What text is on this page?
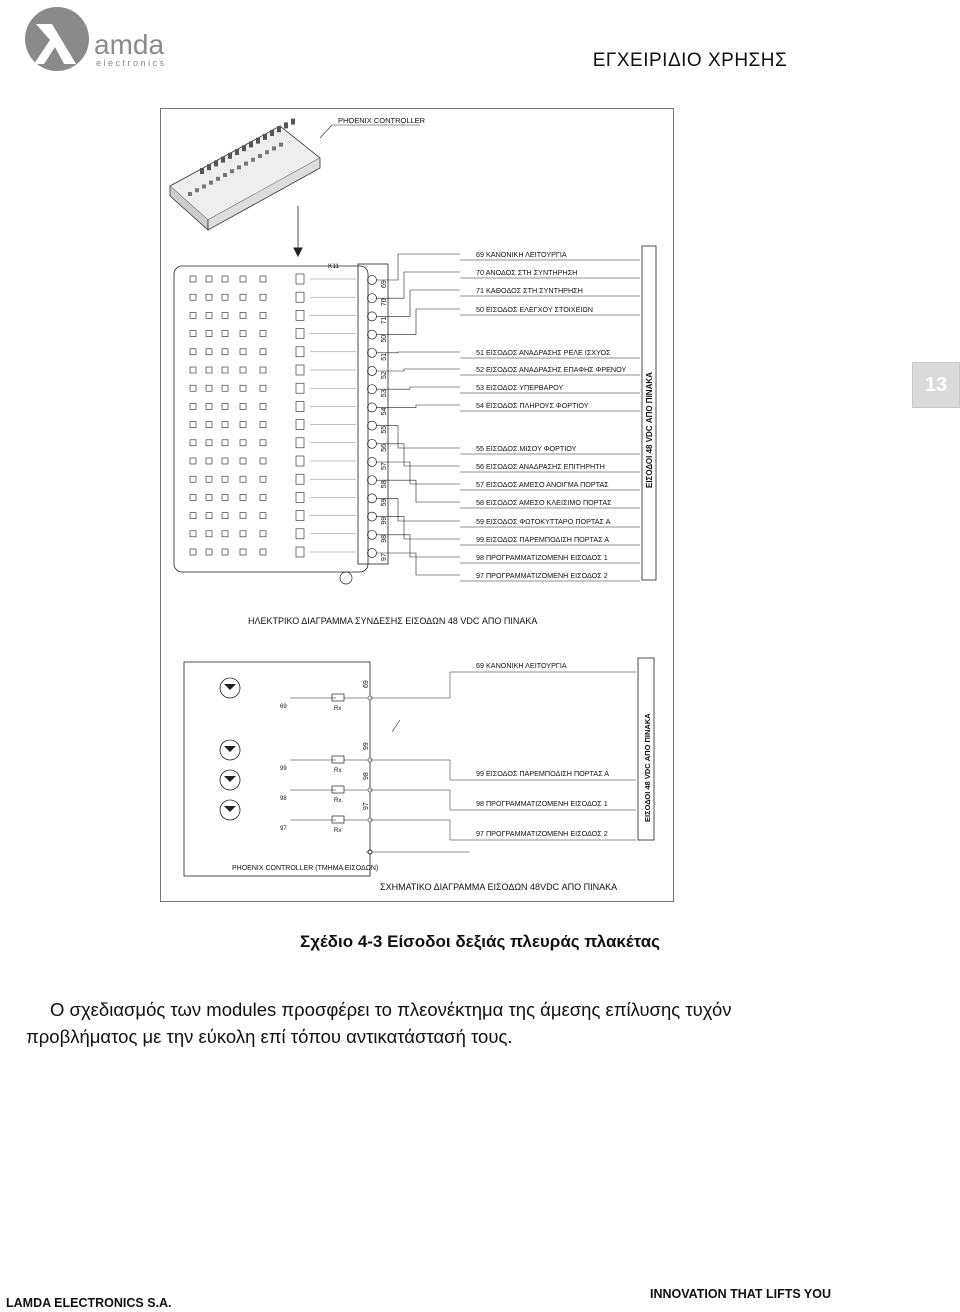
amda
e l e c t r o n i c s	ΕΓΧΕΙΡΙΔΙΟ ΧΡΗΣΗΣ
13
PHOENIX CONTROLLER
K11
69
70
71
50
51
52
53
54
55
56
57
58
59
99
98
97
69 ΚΑΝΟΝΙΚΗ ΛΕΙΤΟΥΡΓΙΑ
70 ΑΝΟΔΟΣ ΣΤΗ ΣΥΝΤΗΡΗΣΗ
71 ΚΑΘΟΔΟΣ ΣΤΗ ΣΥΝΤΗΡΗΣΗ
50 ΕΙΣΟΔΟΣ ΕΛΕΓΧΟΥ ΣΤΟΙΧΕΙΩΝ
51 ΕΙΣΟΔΟΣ ΑΝΑΔΡΑΣΗΣ ΡΕΛΕ ΙΣΧΥΟΣ
52 ΕΙΣΟΔΟΣ ΑΝΑΔΡΑΣΗΣ ΕΠΑΦΗΣ ΦΡΕΝΟΥ
53 ΕΙΣΟΔΟΣ ΥΠΕΡΒΑΡΟΥ
54 ΕΙΣΟΔΟΣ ΠΛΗΡΟΥΣ ΦΟΡΤΙΟΥ
55 ΕΙΣΟΔΟΣ ΜΙΣΟΥ ΦΟΡΤΙΟΥ
56 ΕΙΣΟΔΟΣ ΑΝΑΔΡΑΣΗΣ ΕΠΙΤΗΡΗΤΗ
57 ΕΙΣΟΔΟΣ ΑΜΕΣΟ ΑΝΟΙΓΜΑ ΠΟΡΤΑΣ
58 ΕΙΣΟΔΟΣ ΑΜΕΣΟ ΚΛΕΙΣΙΜΟ ΠΟΡΤΑΣ
59 ΕΙΣΟΔΟΣ ΦΩΤΟΚΥΤΤΑΡΟ ΠΟΡΤΑΣ Α
99 ΕΙΣΟΔΟΣ ΠΑΡΕΜΠΟΔΙΣΗ ΠΟΡΤΑΣ Α
98 ΠΡΟΓΡΑΜΜΑΤΙΖΟΜΕΝΗ ΕΙΣΟΔΟΣ 1
97 ΠΡΟΓΡΑΜΜΑΤΙΖΟΜΕΝΗ ΕΙΣΟΔΟΣ 2
ΕΙΣΟΔΟΙ 48 VDC ΑΠΟ ΠΙΝΑΚΑ
ΗΛΕΚΤΡΙΚΟ ΔΙΑΓΡΑΜΜΑ ΣΥΝΔΕΣΗΣ ΕΙΣΟΔΩΝ 48 VDC ΑΠΟ ΠΙΝΑΚΑ
Rx
69
69
Rx
99
99
Rx
98
98
Rx
97
97
69 ΚΑΝΟΝΙΚΗ ΛΕΙΤΟΥΡΓΙΑ
99 ΕΙΣΟΔΟΣ ΠΑΡΕΜΠΟΔΙΣΗ ΠΟΡΤΑΣ Α
98 ΠΡΟΓΡΑΜΜΑΤΙΖΟΜΕΝΗ ΕΙΣΟΔΟΣ 1
97 ΠΡΟΓΡΑΜΜΑΤΙΖΟΜΕΝΗ ΕΙΣΟΔΟΣ 2
ΕΙΣΟΔΟΙ 48 VDC ΑΠΟ ΠΙΝΑΚΑ
PHOENIX CONTROLLER (ΤΜΗΜΑ ΕΙΣΟΔΩΝ)
ΣΧΗΜΑΤΙΚΟ ΔΙΑΓΡΑΜΜΑ ΕΙΣΟΔΩΝ 48VDC ΑΠΟ ΠΙΝΑΚΑ
Σχέδιο 4-3 Είσοδοι δεξιάς πλευράς πλακέτας

Ο σχεδιασμός των modules προσφέρει το πλεονέκτημα της άμεσης επίλυσης τυχόν προβλήματος με την εύκολη επί τόπου αντικατάστασή τους.

LAMDA ELECTRONICS S.A.
INNOVATION THAT LIFTS YOU
